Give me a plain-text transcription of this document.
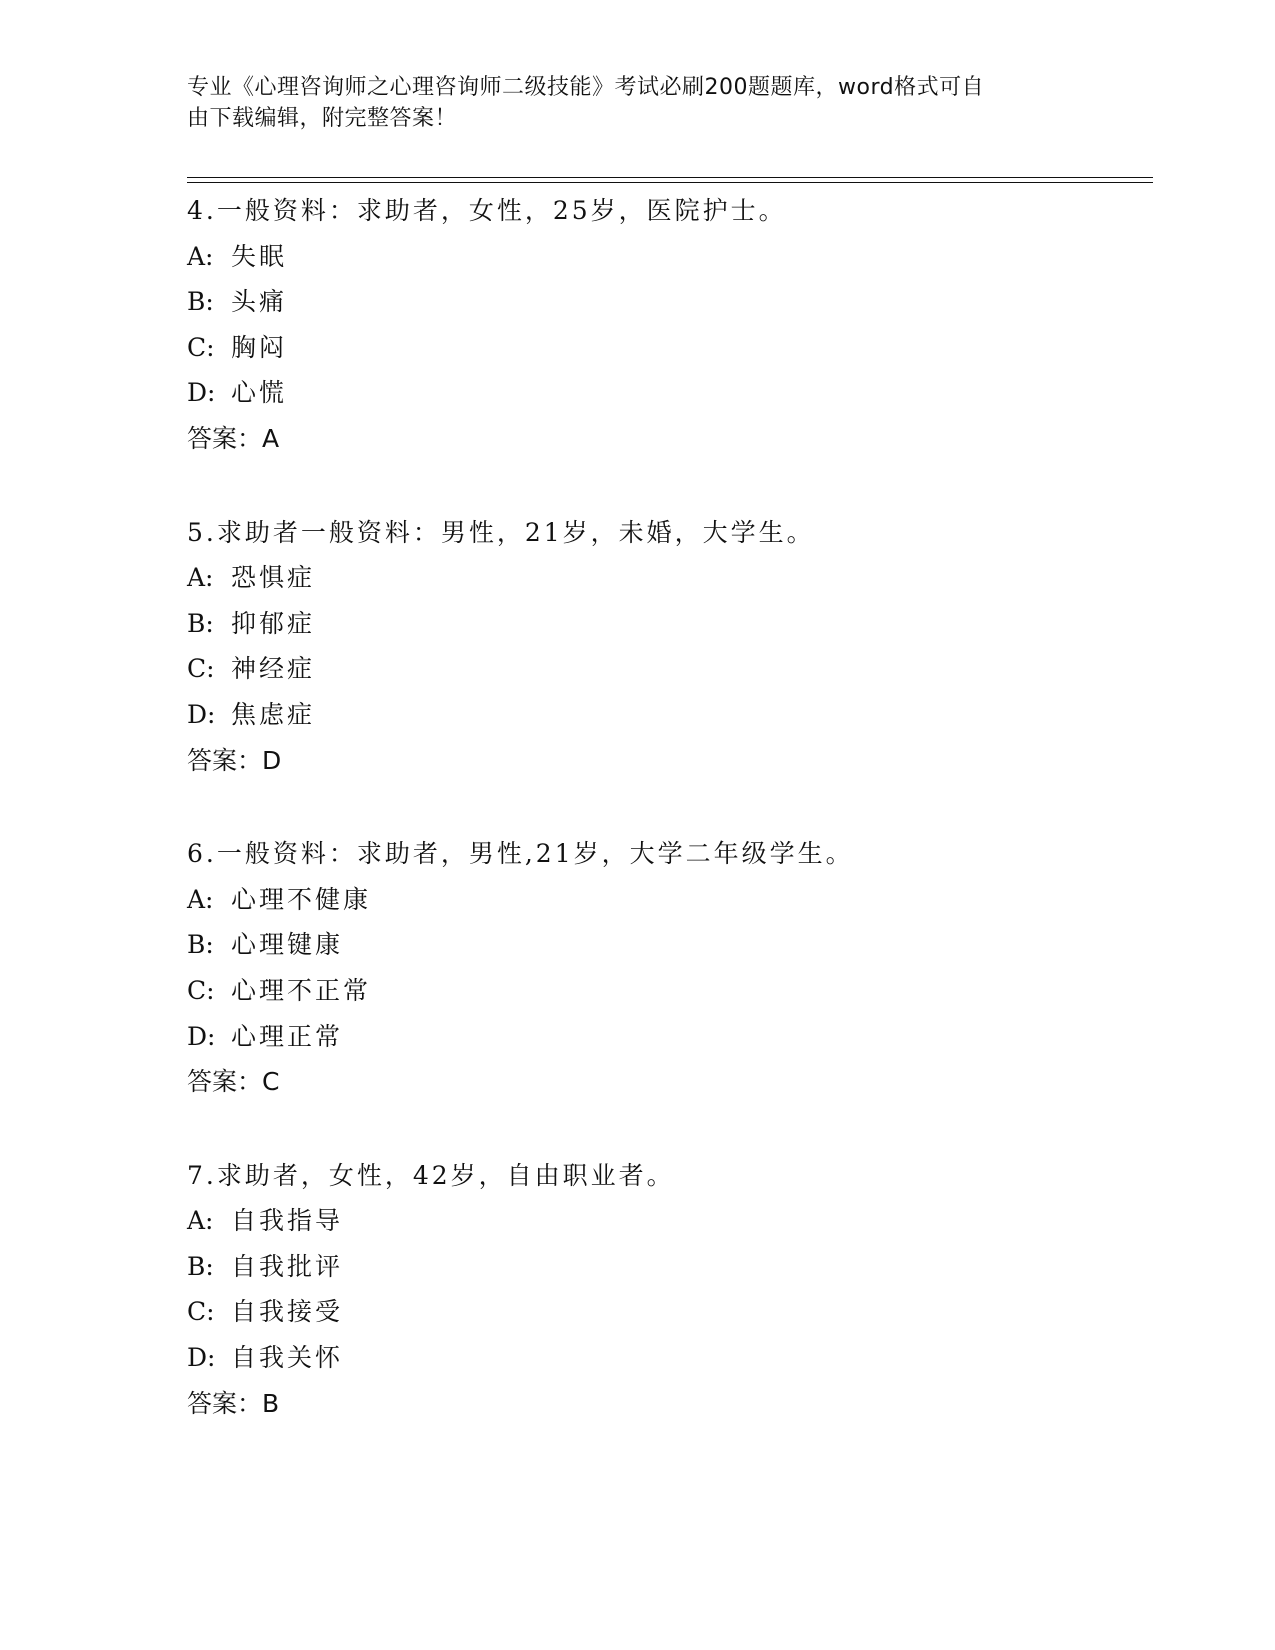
专业《心理咨询师之心理咨询师二级技能》考试必刷200题题库，word格式可自
由下载编辑，附完整答案！
4.一般资料：求助者，女性，25岁，医院护士。
A: 失眠
B: 头痛
C: 胸闷
D: 心慌
答案：A
5.求助者一般资料：男性，21岁，未婚，大学生。
A: 恐惧症
B: 抑郁症
C: 神经症
D: 焦虑症
答案：D
6.一般资料：求助者，男性,21岁，大学二年级学生。
A: 心理不健康
B: 心理键康
C: 心理不正常
D: 心理正常
答案：C
7.求助者，女性，42岁，自由职业者。
A: 自我指导
B: 自我批评
C: 自我接受
D: 自我关怀
答案：B
